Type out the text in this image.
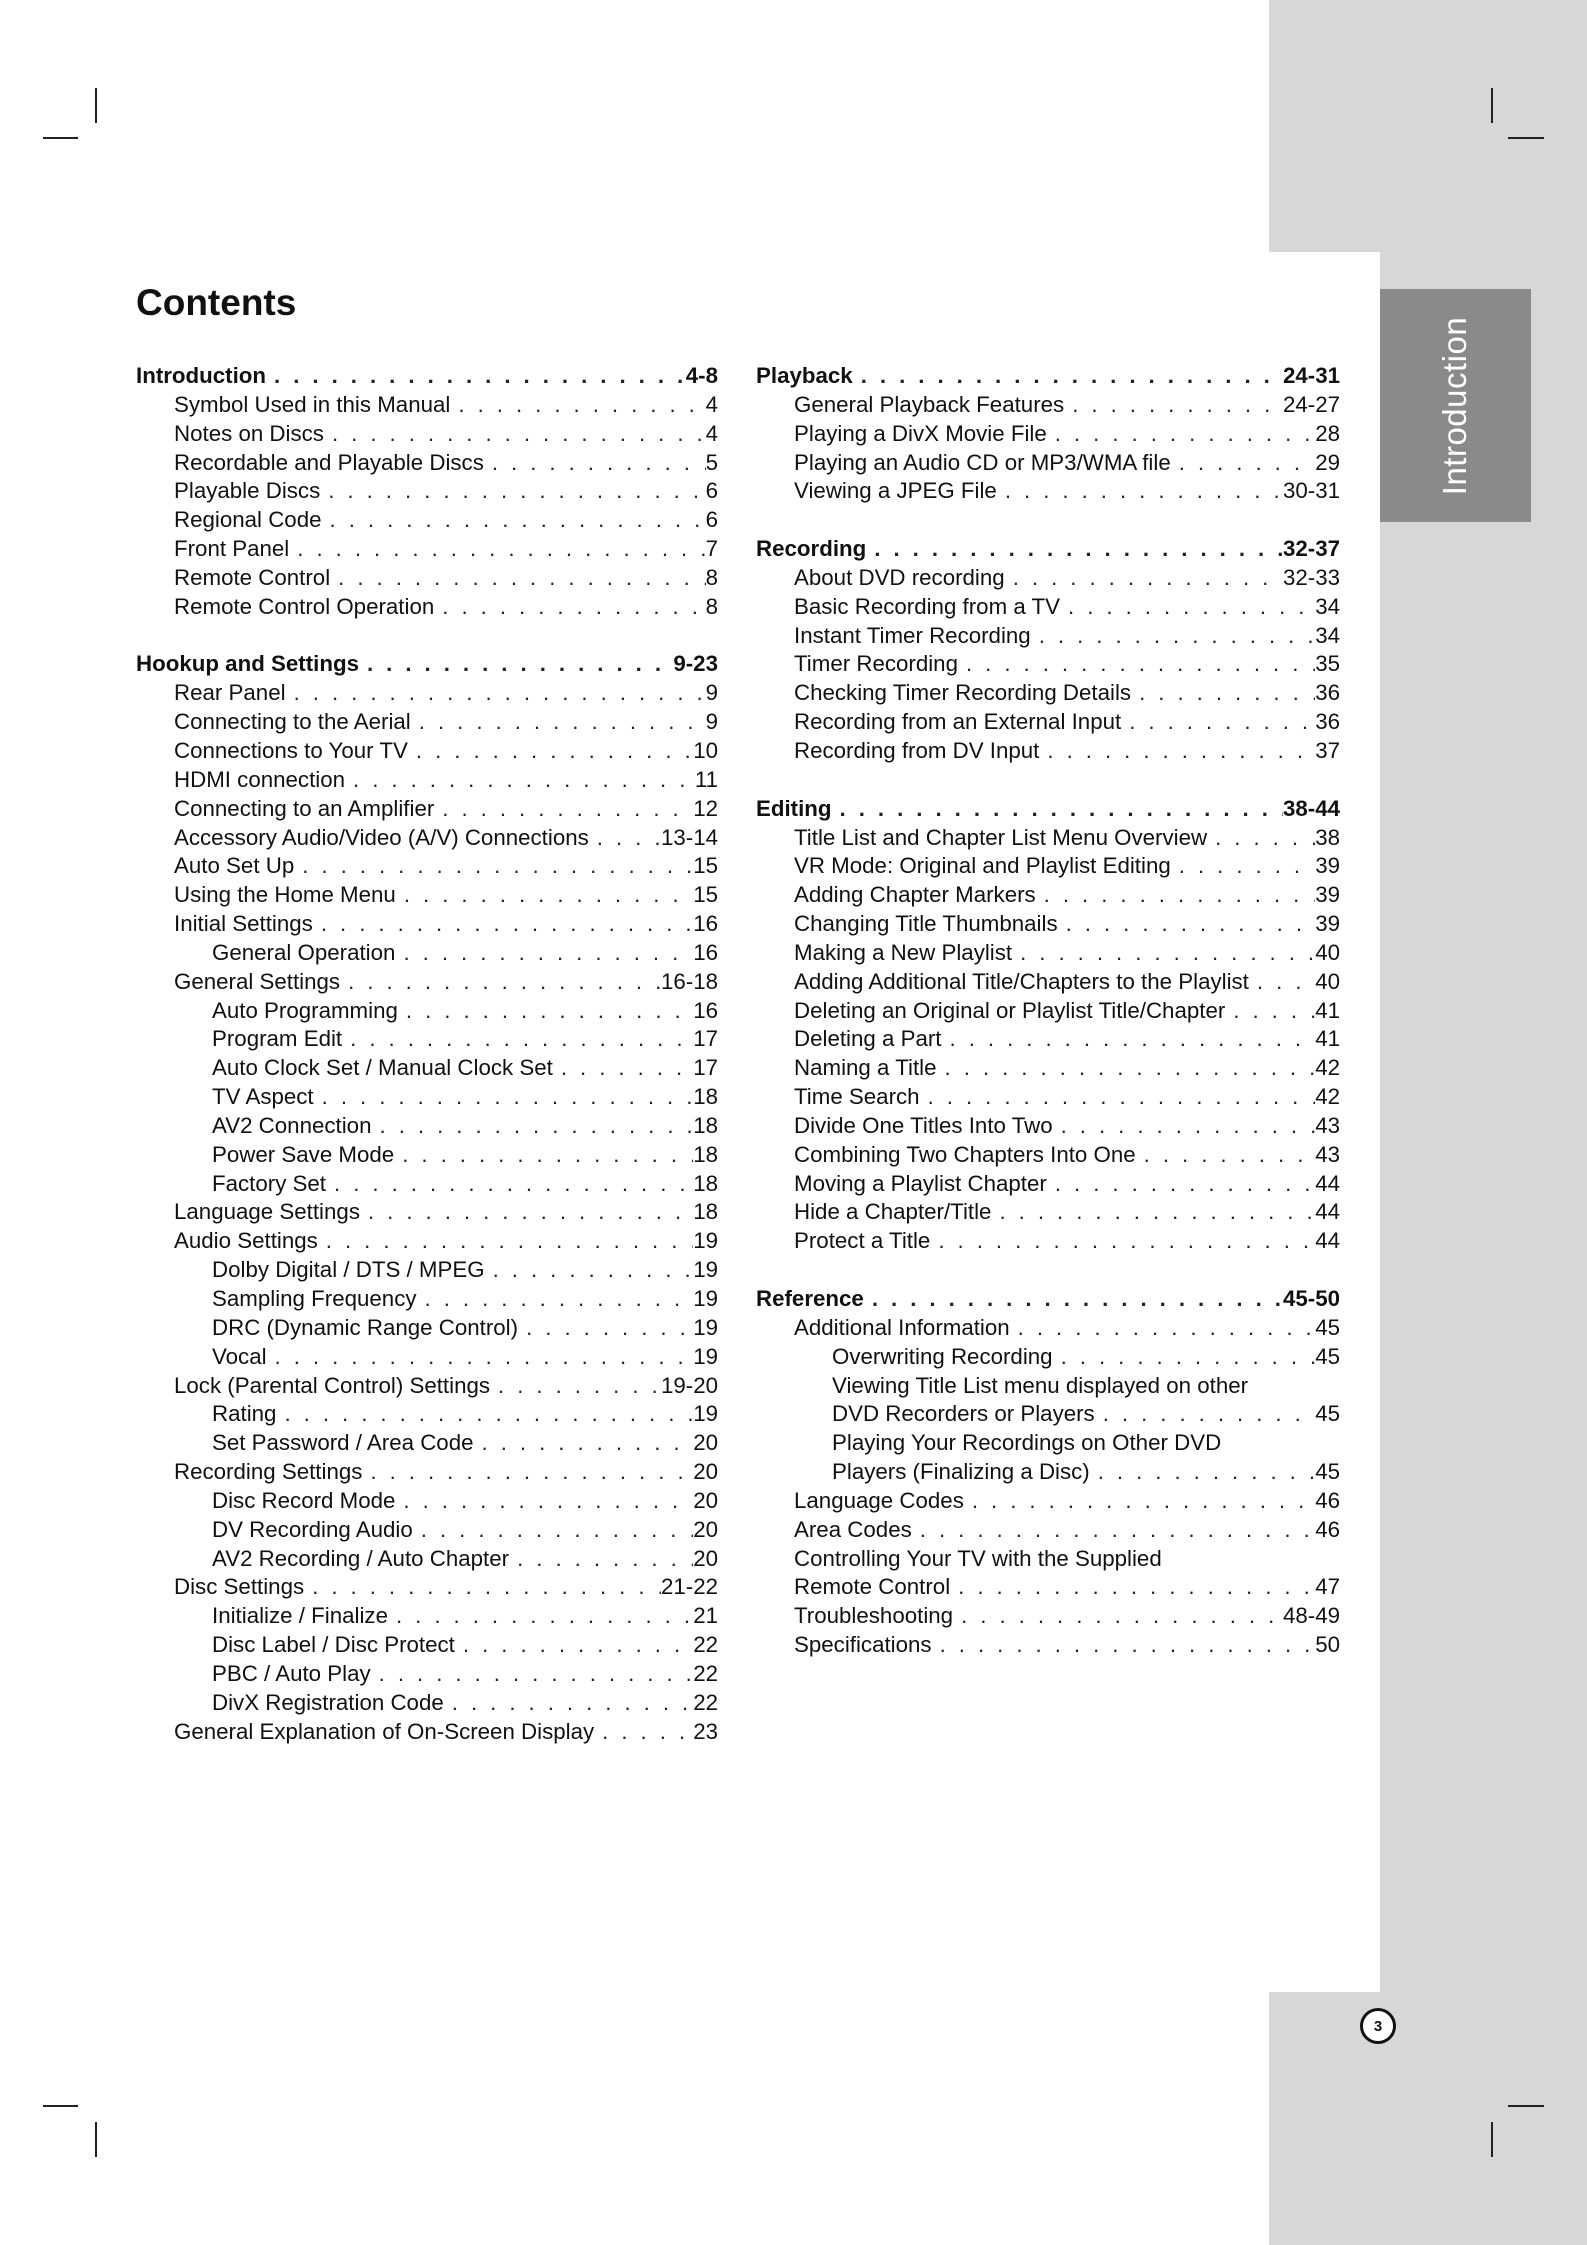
Introduction
Contents
Introduction . . .	4-8
Symbol Used in this Manual . . .	4
Notes on Discs . . .	4
Recordable and Playable Discs . . .	5
Playable Discs . . .	6
Regional Code . . .	6
Front Panel . . .	7
Remote Control . . .	8
Remote Control Operation . . .	8
Hookup and Settings . . .	9-23
Rear Panel . . .	9
Connecting to the Aerial . . .	9
Connections to Your TV . . .	10
HDMI connection . . .	11
Connecting to an Amplifier . . .	12
Accessory Audio/Video (A/V) Connections . . .	13-14
Auto Set Up . . .	15
Using the Home Menu . . .	15
Initial Settings . . .	16
General Operation . . .	16
General Settings . . .	16-18
Auto Programming . . .	16
Program Edit . . .	17
Auto Clock Set / Manual Clock Set . . .	17
TV Aspect . . .	18
AV2 Connection . . .	18
Power Save Mode . . .	18
Factory Set . . .	18
Language Settings . . .	18
Audio Settings . . .	19
Dolby Digital / DTS / MPEG . . .	19
Sampling Frequency . . .	19
DRC (Dynamic Range Control) . . .	19
Vocal . . .	19
Lock (Parental Control) Settings . . .	19-20
Rating . . .	19
Set Password / Area Code . . .	20
Recording Settings . . .	20
Disc Record Mode . . .	20
DV Recording Audio . . .	20
AV2 Recording / Auto Chapter . . .	20
Disc Settings . . .	21-22
Initialize / Finalize . . .	21
Disc Label / Disc Protect . . .	22
PBC / Auto Play . . .	22
DivX Registration Code . . .	22
General Explanation of On-Screen Display . . .	23
Playback . . .	24-31
General Playback Features . . .	24-27
Playing a DivX Movie File . . .	28
Playing an Audio CD or MP3/WMA file . . .	29
Viewing a JPEG File . . .	30-31
Recording . . .	32-37
About DVD recording . . .	32-33
Basic Recording from a TV . . .	34
Instant Timer Recording . . .	34
Timer Recording . . .	35
Checking Timer Recording Details . . .	36
Recording from an External Input . . .	36
Recording from DV Input . . .	37
Editing . . .	38-44
Title List and Chapter List Menu Overview . . .	38
VR Mode: Original and Playlist Editing . . .	39
Adding Chapter Markers . . .	39
Changing Title Thumbnails . . .	39
Making a New Playlist . . .	40
Adding Additional Title/Chapters to the Playlist . . .	40
Deleting an Original or Playlist Title/Chapter . . .	41
Deleting a Part . . .	41
Naming a Title . . .	42
Time Search . . .	42
Divide One Titles Into Two . . .	43
Combining Two Chapters Into One . . .	43
Moving a Playlist Chapter . . .	44
Hide a Chapter/Title . . .	44
Protect a Title . . .	44
Reference . . .	45-50
Additional Information . . .	45
Overwriting Recording . . .	45
Viewing Title List menu displayed on other
DVD Recorders or Players . . .	45
Playing Your Recordings on Other DVD
Players (Finalizing a Disc) . . .	45
Language Codes . . .	46
Area Codes . . .	46
Controlling Your TV with the Supplied
Remote Control . . .	47
Troubleshooting . . .	48-49
Specifications . . .	50
3
